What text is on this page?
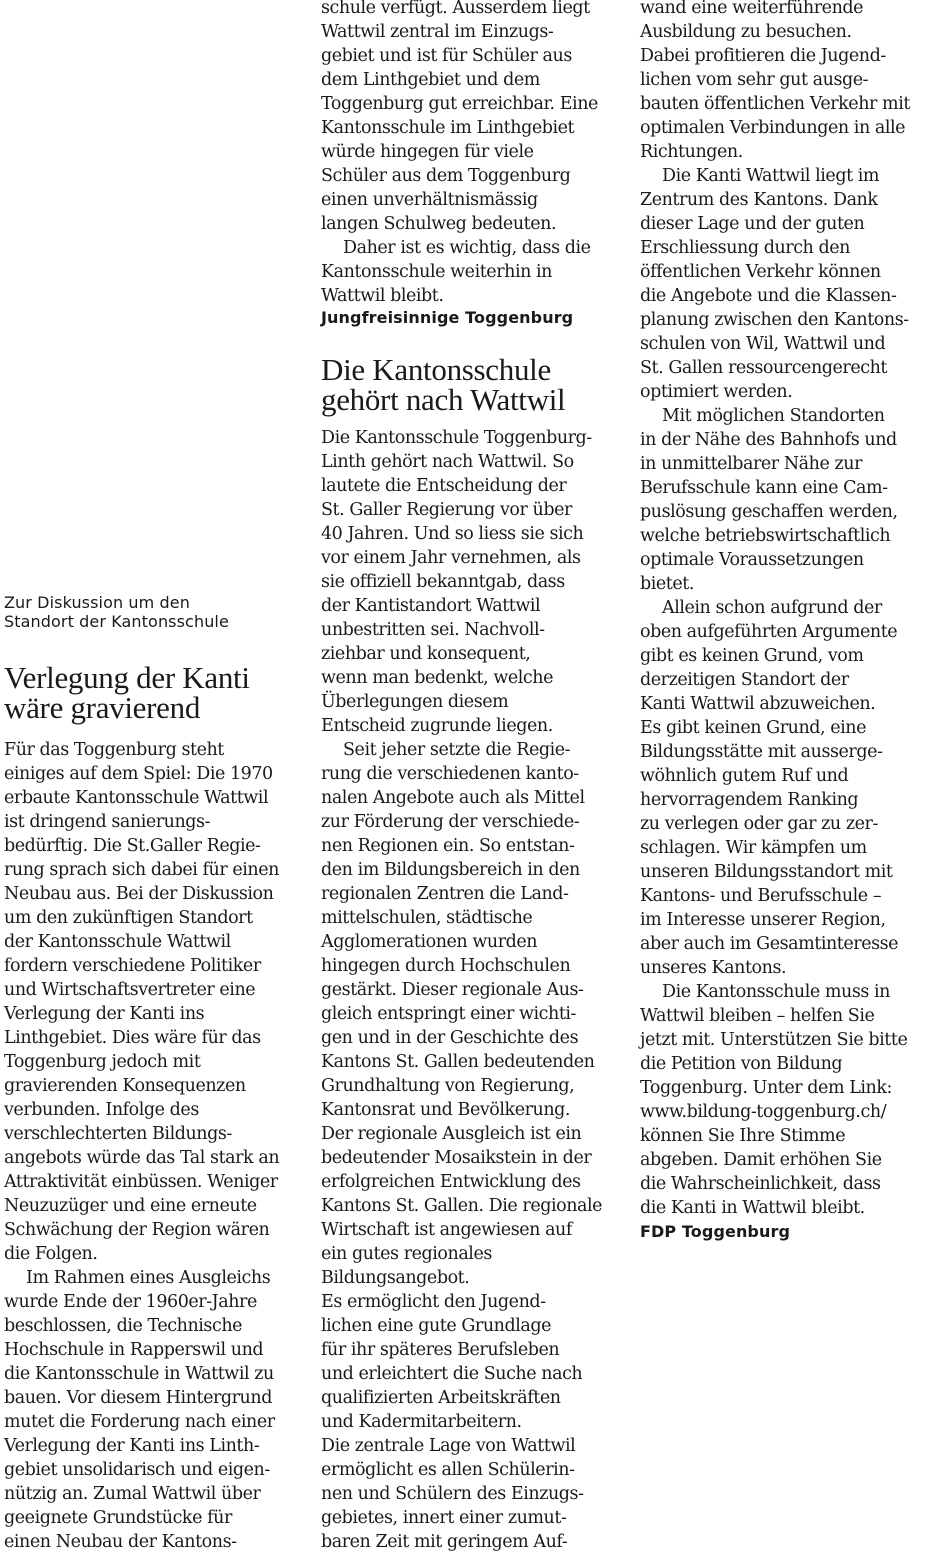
Zur Diskussion um den
Standort der Kantonsschule

Verlegung der Kanti
wäre gravierend

Für das Toggenburg steht
einiges auf dem Spiel: Die 1970
erbaute Kantonsschule Wattwil
ist dringend sanierungs-
bedürftig. Die St.Galler Regie-
rung sprach sich dabei für einen
Neubau aus. Bei der Diskussion
um den zukünftigen Standort
der Kantonsschule Wattwil
fordern verschiedene Politiker
und Wirtschaftsvertreter eine
Verlegung der Kanti ins
Linthgebiet. Dies wäre für das
Toggenburg jedoch mit
gravierenden Konsequenzen
verbunden. Infolge des
verschlechterten Bildungs-
angebots würde das Tal stark an
Attraktivität einbüssen. Weniger
Neuzuzüger und eine erneute
Schwächung der Region wären
die Folgen.

Im Rahmen eines Ausgleichs
wurde Ende der 1960er-Jahre
beschlossen, die Technische
Hochschule in Rapperswil und
die Kantonsschule in Wattwil zu
bauen. Vor diesem Hintergrund
mutet die Forderung nach einer
Verlegung der Kanti ins Linth-
gebiet unsolidarisch und eigen-
nützig an. Zumal Wattwil über
geeignete Grundstücke für
einen Neubau der Kantons-

schule verfügt. Ausserdem liegt
Wattwil zentral im Einzugs-
gebiet und ist für Schüler aus
dem Linthgebiet und dem
Toggenburg gut erreichbar. Eine
Kantonsschule im Linthgebiet
würde hingegen für viele
Schüler aus dem Toggenburg
einen unverhältnismässig
langen Schulweg bedeuten.

Daher ist es wichtig, dass die
Kantonsschule weiterhin in
Wattwil bleibt.

Jungfreisinnige Toggenburg

Die Kantonsschule
gehört nach Wattwil

Die Kantonsschule Toggenburg-
Linth gehört nach Wattwil. So
lautete die Entscheidung der
St. Galler Regierung vor über
40 Jahren. Und so liess sie sich
vor einem Jahr vernehmen, als
sie offiziell bekanntgab, dass
der Kantistandort Wattwil
unbestritten sei. Nachvoll-
ziehbar und konsequent,
wenn man bedenkt, welche
Überlegungen diesem
Entscheid zugrunde liegen.

Seit jeher setzte die Regie-
rung die verschiedenen kanto-
nalen Angebote auch als Mittel
zur Förderung der verschiede-
nen Regionen ein. So entstan-
den im Bildungsbereich in den
regionalen Zentren die Land-
mittelschulen, städtische
Agglomerationen wurden
hingegen durch Hochschulen
gestärkt. Dieser regionale Aus-
gleich entspringt einer wichti-
gen und in der Geschichte des
Kantons St. Gallen bedeutenden
Grundhaltung von Regierung,
Kantonsrat und Bevölkerung.
Der regionale Ausgleich ist ein
bedeutender Mosaikstein in der
erfolgreichen Entwicklung des
Kantons St. Gallen. Die regionale
Wirtschaft ist angewiesen auf
ein gutes regionales
Bildungsangebot.

Es ermöglicht den Jugend-
lichen eine gute Grundlage
für ihr späteres Berufsleben
und erleichtert die Suche nach
qualifizierten Arbeitskräften
und Kadermitarbeitern.

Die zentrale Lage von Wattwil
ermöglicht es allen Schülerin-
nen und Schülern des Einzugs-
gebietes, innert einer zumut-
baren Zeit mit geringem Auf-

wand eine weiterführende
Ausbildung zu besuchen.
Dabei profitieren die Jugend-
lichen vom sehr gut ausge-
bauten öffentlichen Verkehr mit
optimalen Verbindungen in alle
Richtungen.

Die Kanti Wattwil liegt im
Zentrum des Kantons. Dank
dieser Lage und der guten
Erschliessung durch den
öffentlichen Verkehr können
die Angebote und die Klassen-
planung zwischen den Kantons-
schulen von Wil, Wattwil und
St. Gallen ressourcengerecht
optimiert werden.

Mit möglichen Standorten
in der Nähe des Bahnhofs und
in unmittelbarer Nähe zur
Berufsschule kann eine Cam-
puslösung geschaffen werden,
welche betriebswirtschaftlich
optimale Voraussetzungen
bietet.

Allein schon aufgrund der
oben aufgeführten Argumente
gibt es keinen Grund, vom
derzeitigen Standort der
Kanti Wattwil abzuweichen.
Es gibt keinen Grund, eine
Bildungsstätte mit ausserge-
wöhnlich gutem Ruf und
hervorragendem Ranking
zu verlegen oder gar zu zer-
schlagen. Wir kämpfen um
unseren Bildungsstandort mit
Kantons- und Berufsschule –
im Interesse unserer Region,
aber auch im Gesamtinteresse
unseres Kantons.

Die Kantonsschule muss in
Wattwil bleiben – helfen Sie
jetzt mit. Unterstützen Sie bitte
die Petition von Bildung
Toggenburg. Unter dem Link:
www.bildung-toggenburg.ch/
können Sie Ihre Stimme
abgeben. Damit erhöhen Sie
die Wahrscheinlichkeit, dass
die Kanti in Wattwil bleibt.

FDP Toggenburg
